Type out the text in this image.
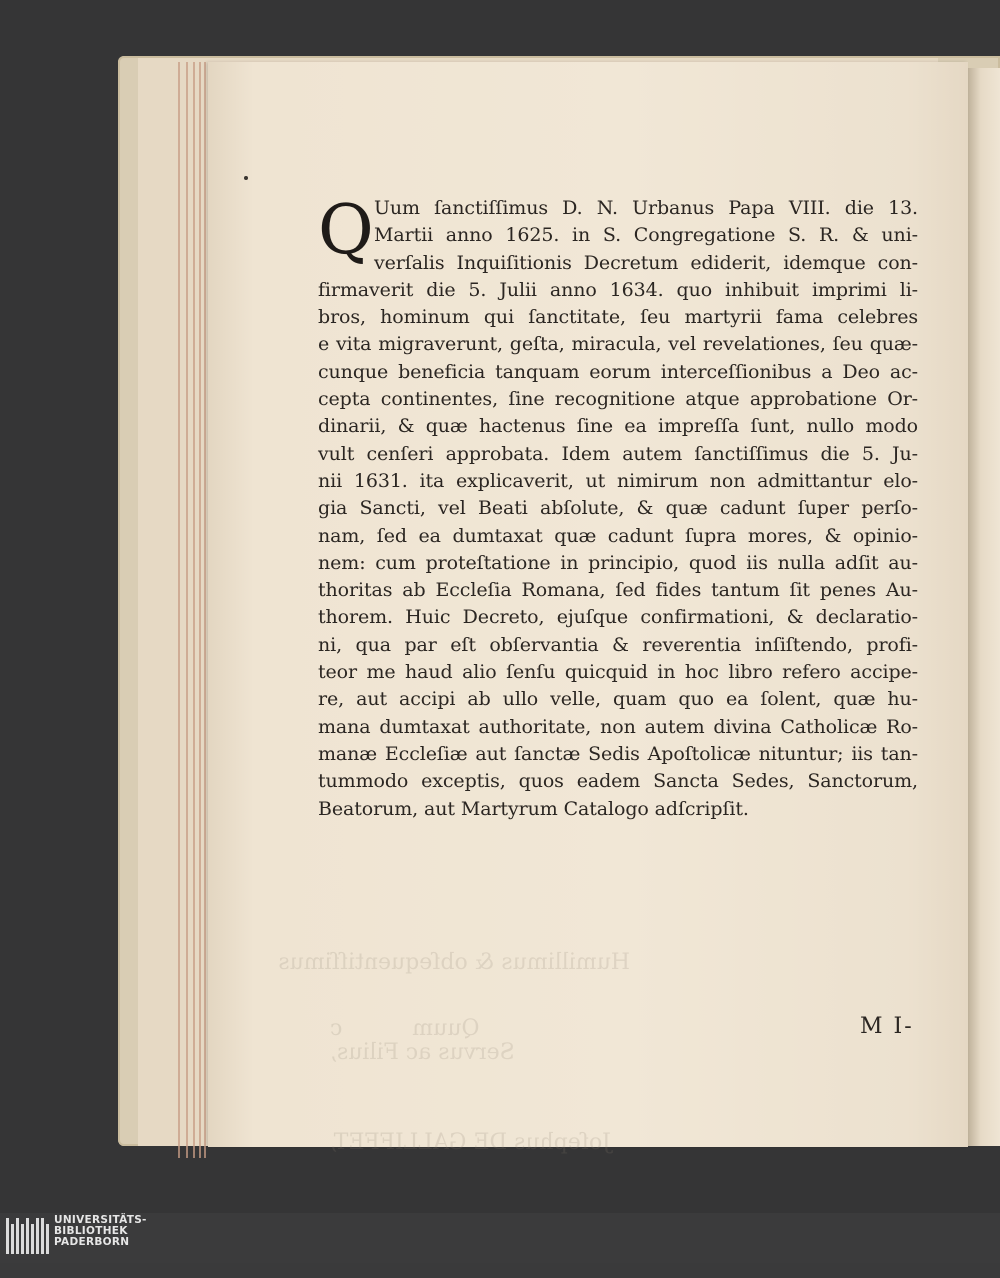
Humillimus & obſequentiſſimus

Servus ac Filius,

Joſephus DE GALLIFFET,

Quum          c
Q Uum ſanctiſſimus D. N. Urbanus Papa VIII. die 13.
Martii anno 1625. in S. Congregatione S. R. & uni-
verſalis Inquiſitionis Decretum ediderit, idemque con-
firmaverit die 5. Julii anno 1634. quo inhibuit imprimi li-
bros, hominum qui ſanctitate, ſeu martyrii fama celebres
e vita migraverunt, geſta, miracula, vel revelationes, ſeu quæ-
cunque beneficia tanquam eorum interceſſionibus a Deo ac-
cepta continentes, ſine recognitione atque approbatione Or-
dinarii, & quæ hactenus ſine ea impreſſa ſunt, nullo modo
vult cenſeri approbata. Idem autem ſanctiſſimus die 5. Ju-
nii 1631. ita explicaverit, ut nimirum non admittantur elo-
gia Sancti, vel Beati abſolute, & quæ cadunt ſuper perſo-
nam, ſed ea dumtaxat quæ cadunt ſupra mores, & opinio-
nem: cum proteſtatione in principio, quod iis nulla adſit au-
thoritas ab Eccleſia Romana, ſed fides tantum ſit penes Au-
thorem. Huic Decreto, ejuſque confirmationi, & declaratio-
ni, qua par eſt obſervantia & reverentia inſiſtendo, profi-
teor me haud alio ſenſu quicquid in hoc libro refero accipe-
re, aut accipi ab ullo velle, quam quo ea ſolent, quæ hu-
mana dumtaxat authoritate, non autem divina Catholicæ Ro-
manæ Eccleſiæ aut ſanctæ Sedis Apoſtolicæ nituntur; iis tan-
tummodo exceptis, quos eadem Sancta Sedes, Sanctorum,
Beatorum, aut Martyrum Catalogo adſcripſit.
M I-
UNIVERSITÄTS-
BIBLIOTHEK
PADERBORN
